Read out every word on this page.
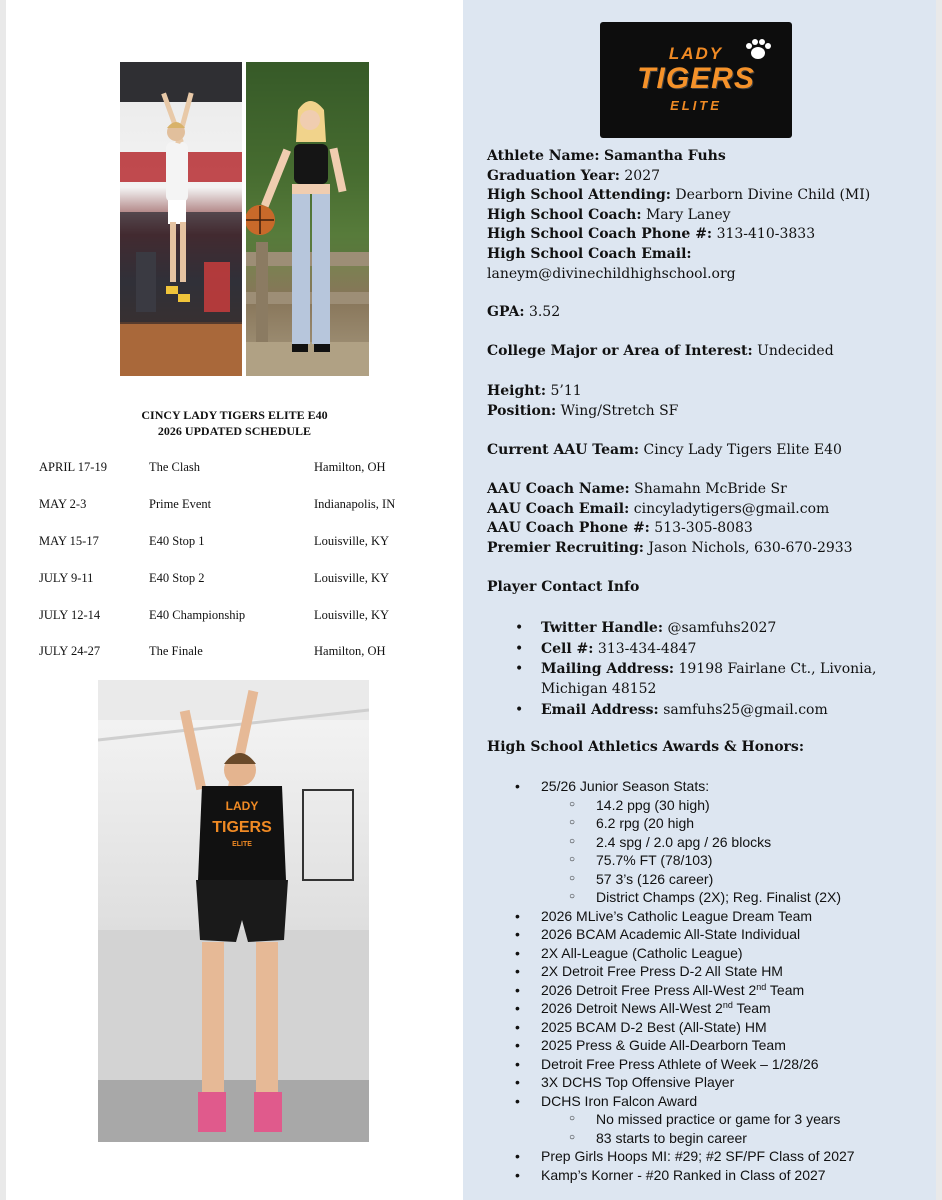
CINCY LADY TIGERS ELITE E40
2026 UPDATED SCHEDULE
APRIL 17-19	The Clash	Hamilton, OH
MAY 2-3	Prime Event	Indianapolis, IN
MAY 15-17	E40 Stop 1	Louisville, KY
JULY 9-11	E40 Stop 2	Louisville, KY
JULY 12-14	E40 Championship	Louisville, KY
JULY 24-27	The Finale	Hamilton, OH
LADY
TIGERS
ELITE
LADY
TIGERS
ELITE
Athlete Name: Samantha Fuhs
Graduation Year: 2027
High School Attending: Dearborn Divine Child (MI)
High School Coach: Mary Laney
High School Coach Phone #: 313-410-3833
High School Coach Email:
laneym@divinechildhighschool.org
GPA: 3.52
College Major or Area of Interest: Undecided
Height: 5’11
Position: Wing/Stretch SF
Current AAU Team: Cincy Lady Tigers Elite E40
AAU Coach Name: Shamahn McBride Sr
AAU Coach Email: cincyladytigers@gmail.com
AAU Coach Phone #: 513-305-8083
Premier Recruiting: Jason Nichols, 630-670-2933
Player Contact Info
• Twitter Handle: @samfuhs2027
• Cell #: 313-434-4847
• Mailing Address: 19198 Fairlane Ct., Livonia,
Michigan 48152
• Email Address: samfuhs25@gmail.com
High School Athletics Awards & Honors:
• 25/26 Junior Season Stats:
○ 14.2 ppg (30 high)
○ 6.2 rpg (20 high
○ 2.4 spg / 2.0 apg / 26 blocks
○ 75.7% FT (78/103)
○ 57 3’s (126 career)
○ District Champs (2X); Reg. Finalist (2X)
• 2026 MLive’s Catholic League Dream Team
• 2026 BCAM Academic All-State Individual
• 2X All-League (Catholic League)
• 2X Detroit Free Press D-2 All State HM
• 2026 Detroit Free Press All-West 2nd Team
• 2026 Detroit News All-West 2nd Team
• 2025 BCAM D-2 Best (All-State) HM
• 2025 Press & Guide All-Dearborn Team
• Detroit Free Press Athlete of Week – 1/28/26
• 3X DCHS Top Offensive Player
• DCHS Iron Falcon Award
○ No missed practice or game for 3 years
○ 83 starts to begin career
• Prep Girls Hoops MI: #29; #2 SF/PF Class of 2027
• Kamp’s Korner - #20 Ranked in Class of 2027
